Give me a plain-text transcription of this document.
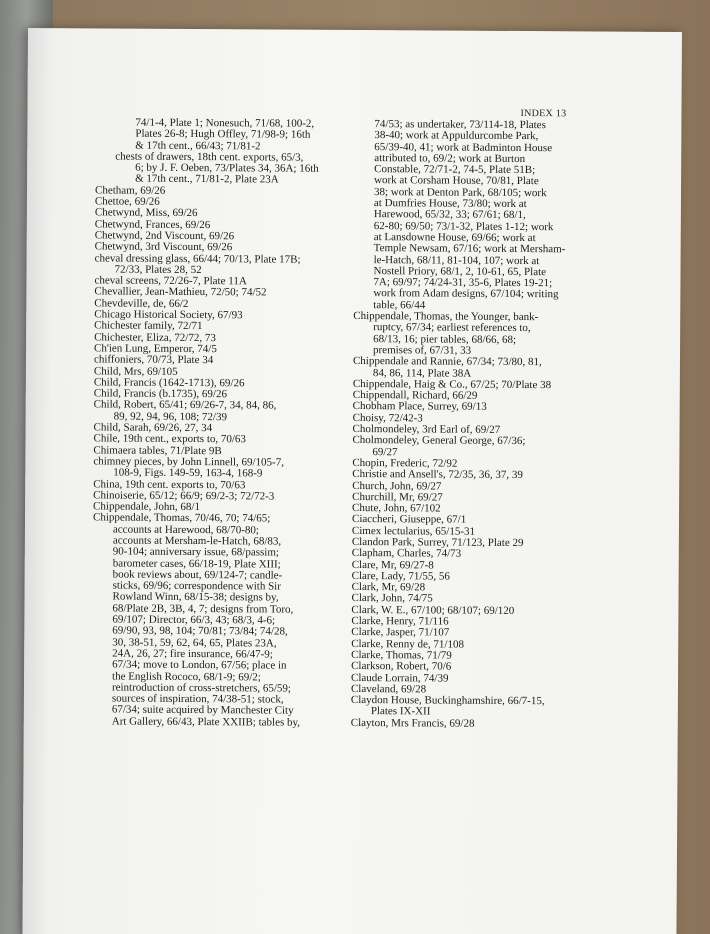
INDEX 13
74/1-4, Plate 1; Nonesuch, 71/68, 100-2,
Plates 26-8; Hugh Offley, 71/98-9; 16th
& 17th cent., 66/43; 71/81-2
chests of drawers, 18th cent. exports, 65/3,
6; by J. F. Oeben, 73/Plates 34, 36A; 16th
& 17th cent., 71/81-2, Plate 23A
Chetham, 69/26
Chettoe, 69/26
Chetwynd, Miss, 69/26
Chetwynd, Frances, 69/26
Chetwynd, 2nd Viscount, 69/26
Chetwynd, 3rd Viscount, 69/26
cheval dressing glass, 66/44; 70/13, Plate 17B;
72/33, Plates 28, 52
cheval screens, 72/26-7, Plate 11A
Chevallier, Jean-Mathieu, 72/50; 74/52
Chevdeville, de, 66/2
Chicago Historical Society, 67/93
Chichester family, 72/71
Chichester, Eliza, 72/72, 73
Ch'ien Lung, Emperor, 74/5
chiffoniers, 70/73, Plate 34
Child, Mrs, 69/105
Child, Francis (1642-1713), 69/26
Child, Francis (b.1735), 69/26
Child, Robert, 65/41; 69/26-7, 34, 84, 86,
89, 92, 94, 96, 108; 72/39
Child, Sarah, 69/26, 27, 34
Chile, 19th cent., exports to, 70/63
Chimaera tables, 71/Plate 9B
chimney pieces, by John Linnell, 69/105-7,
108-9, Figs. 149-59, 163-4, 168-9
China, 19th cent. exports to, 70/63
Chinoiserie, 65/12; 66/9; 69/2-3; 72/72-3
Chippendale, John, 68/1
Chippendale, Thomas, 70/46, 70; 74/65;
accounts at Harewood, 68/70-80;
accounts at Mersham-le-Hatch, 68/83,
90-104; anniversary issue, 68/passim;
barometer cases, 66/18-19, Plate XIII;
book reviews about, 69/124-7; candle-
sticks, 69/96; correspondence with Sir
Rowland Winn, 68/15-38; designs by,
68/Plate 2B, 3B, 4, 7; designs from Toro,
69/107; Director, 66/3, 43; 68/3, 4-6;
69/90, 93, 98, 104; 70/81; 73/84; 74/28,
30, 38-51, 59, 62, 64, 65, Plates 23A,
24A, 26, 27; fire insurance, 66/47-9;
67/34; move to London, 67/56; place in
the English Rococo, 68/1-9; 69/2;
reintroduction of cross-stretchers, 65/59;
sources of inspiration, 74/38-51; stock,
67/34; suite acquired by Manchester City
Art Gallery, 66/43, Plate XXIIB; tables by,
74/53; as undertaker, 73/114-18, Plates
38-40; work at Appuldurcombe Park,
65/39-40, 41; work at Badminton House
attributed to, 69/2; work at Burton
Constable, 72/71-2, 74-5, Plate 51B;
work at Corsham House, 70/81, Plate
38; work at Denton Park, 68/105; work
at Dumfries House, 73/80; work at
Harewood, 65/32, 33; 67/61; 68/1,
62-80; 69/50; 73/1-32, Plates 1-12; work
at Lansdowne House, 69/66; work at
Temple Newsam, 67/16; work at Mersham-
le-Hatch, 68/11, 81-104, 107; work at
Nostell Priory, 68/1, 2, 10-61, 65, Plate
7A; 69/97; 74/24-31, 35-6, Plates 19-21;
work from Adam designs, 67/104; writing
table, 66/44
Chippendale, Thomas, the Younger, bank-
ruptcy, 67/34; earliest references to,
68/13, 16; pier tables, 68/66, 68;
premises of, 67/31, 33
Chippendale and Rannie, 67/34; 73/80, 81,
84, 86, 114, Plate 38A
Chippendale, Haig & Co., 67/25; 70/Plate 38
Chippendall, Richard, 66/29
Chobham Place, Surrey, 69/13
Choisy, 72/42-3
Cholmondeley, 3rd Earl of, 69/27
Cholmondeley, General George, 67/36;
69/27
Chopin, Frederic, 72/92
Christie and Ansell's, 72/35, 36, 37, 39
Church, John, 69/27
Churchill, Mr, 69/27
Chute, John, 67/102
Ciaccheri, Giuseppe, 67/1
Cimex lectularius, 65/15-31
Clandon Park, Surrey, 71/123, Plate 29
Clapham, Charles, 74/73
Clare, Mr, 69/27-8
Clare, Lady, 71/55, 56
Clark, Mr, 69/28
Clark, John, 74/75
Clark, W. E., 67/100; 68/107; 69/120
Clarke, Henry, 71/116
Clarke, Jasper, 71/107
Clarke, Renny de, 71/108
Clarke, Thomas, 71/79
Clarkson, Robert, 70/6
Claude Lorrain, 74/39
Claveland, 69/28
Claydon House, Buckinghamshire, 66/7-15,
Plates IX-XII
Clayton, Mrs Francis, 69/28
